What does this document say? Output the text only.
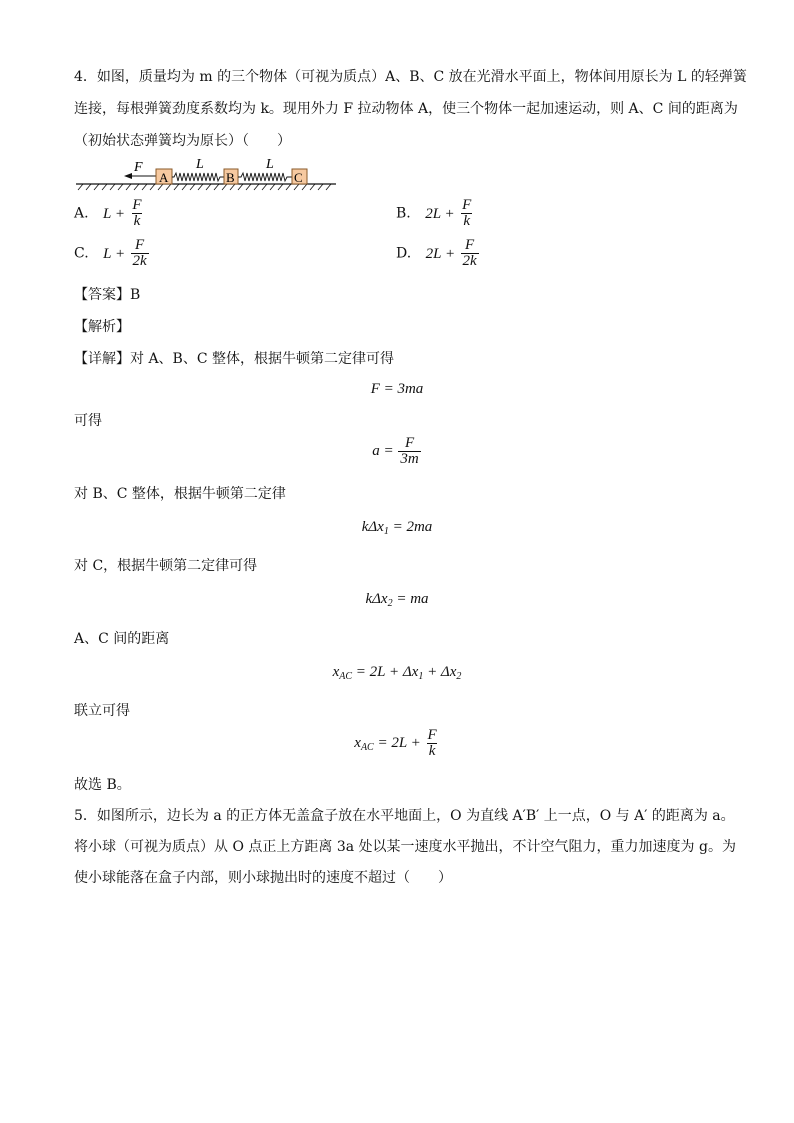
4．如图，质量均为 m 的三个物体（可视为质点）A、B、C 放在光滑水平面上，物体间用原长为 L 的轻弹簧
连接，每根弹簧劲度系数均为 k。现用外力 F 拉动物体 A，使三个物体一起加速运动，则 A、C 间的距离为
（初始状态弹簧均为原长）（　　）
F
A
L
B
L
C
A. $L + \frac{F}{k}$	B. $2L + \frac{F}{k}$
C. $L + \frac{F}{2k}$	D. $2L + \frac{F}{2k}$
【答案】B
【解析】
【详解】对 A、B、C 整体，根据牛顿第二定律可得
F = 3ma
可得
$a = \frac{F}{3m}$
对 B、C 整体，根据牛顿第二定律
kΔx$_1$ = 2ma
对 C，根据牛顿第二定律可得
kΔx$_2$ = ma
A、C 间的距离
$x_{AC} = 2L + \Delta x_1 + \Delta x_2$
联立可得
$x_{AC} = 2L + \frac{F}{k}$
故选 B。
5．如图所示，边长为 a 的正方体无盖盒子放在水平地面上，O 为直线 A′B′ 上一点，O 与 A′ 的距离为 a。
将小球（可视为质点）从 O 点正上方距离 3a 处以某一速度水平抛出，不计空气阻力，重力加速度为 g。为
使小球能落在盒子内部，则小球抛出时的速度不超过（　　）
